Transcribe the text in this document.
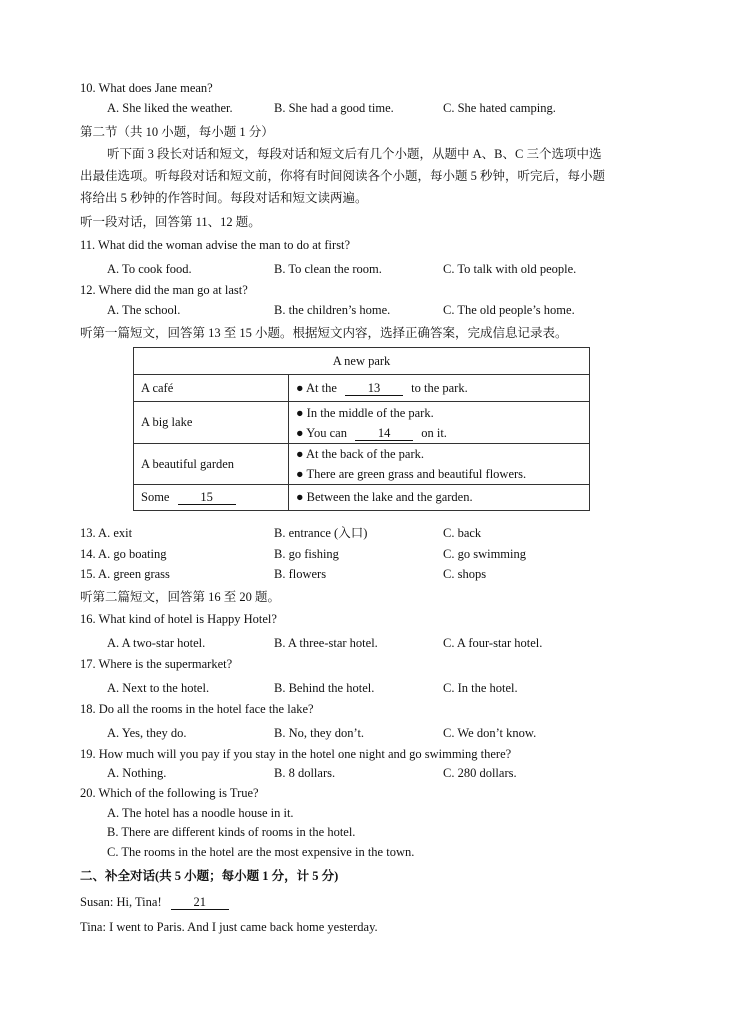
10. What does Jane mean?
A. She liked the weather.	B. She had a good time.	C. She hated camping.
第二节（共 10 小题，每小题 1 分）
听下面 3 段长对话和短文，每段对话和短文后有几个小题，从题中 A、B、C 三个选项中选
出最佳选项。听每段对话和短文前，你将有时间阅读各个小题，每小题 5 秒钟，听完后，每小题
将给出 5 秒钟的作答时间。每段对话和短文读两遍。
听一段对话，回答第 11、12 题。
11. What did the woman advise the man to do at first?
A. To cook food.	B. To clean the room.	C. To talk with old people.
12. Where did the man go at last?
A. The school.	B. the children’s home.	C. The old people’s home.
听第一篇短文，回答第 13 至 15 小题。根据短文内容，选择正确答案，完成信息记录表。
A new park	
A café	● At the 13 to the park.
A big lake	● In the middle of the park.
● You can 14 on it.

A beautiful garden	● At the back of the park.
● There are green grass and beautiful flowers.

Some 15	● Between the lake and the garden.
13. A. exit	B. entrance (入口)	C. back
14. A. go boating	B. go fishing	C. go swimming
15. A. green grass	B. flowers	C. shops
听第二篇短文，回答第 16 至 20 题。
16. What kind of hotel is Happy Hotel?
A. A two-star hotel.	B. A three-star hotel.	C. A four-star hotel.
17. Where is the supermarket?
A. Next to the hotel.	B. Behind the hotel.	C. In the hotel.
18. Do all the rooms in the hotel face the lake?
A. Yes, they do.	B. No, they don’t.	C. We don’t know.
19. How much will you pay if you stay in the hotel one night and go swimming there?
A. Nothing.	B. 8 dollars.	C. 280 dollars.
20. Which of the following is True?
A. The hotel has a noodle house in it.
B. There are different kinds of rooms in the hotel.
C. The rooms in the hotel are the most expensive in the town.
二、补全对话(共 5 小题；每小题 1 分，计 5 分)
Susan: Hi, Tina!	21
Tina: I went to Paris. And I just came back home yesterday.
